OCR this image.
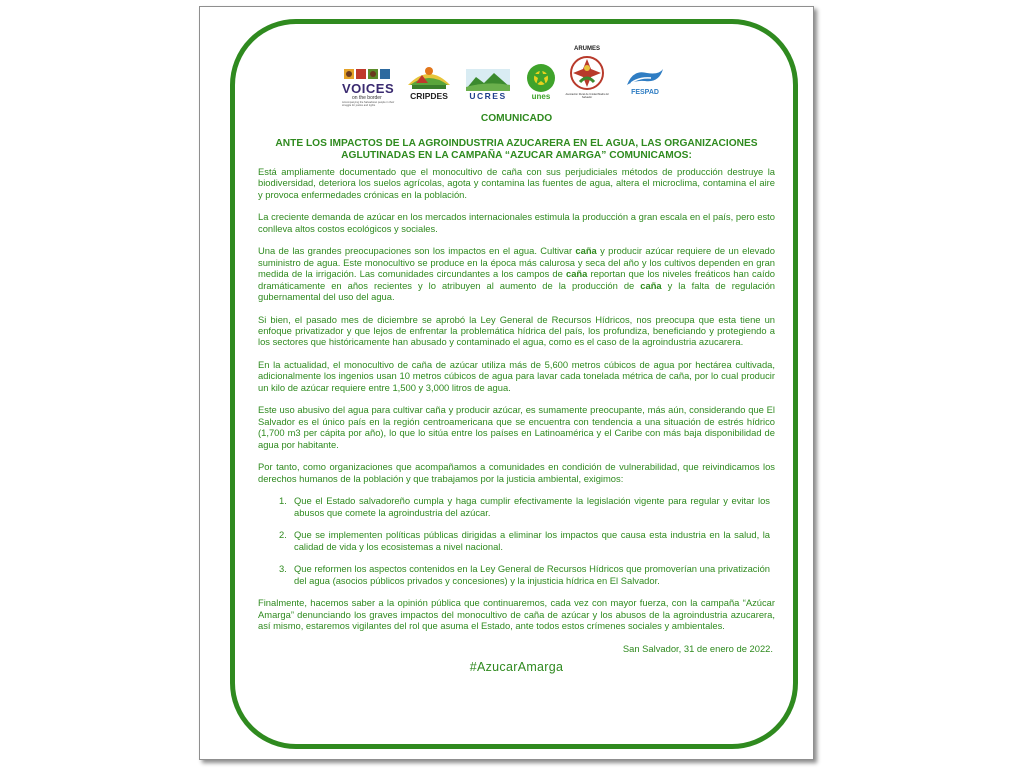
VOICES
on the border
Accompanying the Salvadoran people in their struggle for justice and rights
CRIPDES	UCRES	unes
ARUMES
Asociación Rural de Unidad Madre El Salvador
FESPAD
COMUNICADO
ANTE LOS IMPACTOS DE LA AGROINDUSTRIA AZUCARERA EN EL AGUA, LAS ORGANIZACIONES AGLUTINADAS EN LA CAMPAÑA “AZUCAR AMARGA” COMUNICAMOS:

Está ampliamente documentado que el monocultivo de caña con sus perjudiciales métodos de producción destruye la biodiversidad, deteriora los suelos agrícolas, agota y contamina las fuentes de agua, altera el microclima, contamina el aire y provoca enfermedades crónicas en la población.

La creciente demanda de azúcar en los mercados internacionales estimula la producción a gran escala en el país, pero esto conlleva altos costos ecológicos y sociales.

Una de las grandes preocupaciones son los impactos en el agua. Cultivar caña y producir azúcar requiere de un elevado suministro de agua. Este monocultivo se produce en la época más calurosa y seca del año y los cultivos dependen en gran medida de la irrigación. Las comunidades circundantes a los campos de caña reportan que los niveles freáticos han caído dramáticamente en años recientes y lo atribuyen al aumento de la producción de caña y la falta de regulación gubernamental del uso del agua.

Si bien, el pasado mes de diciembre se aprobó la Ley General de Recursos Hídricos, nos preocupa que esta tiene un enfoque privatizador y que lejos de enfrentar la problemática hídrica del país, los profundiza, beneficiando y protegiendo a los sectores que históricamente han abusado y contaminado el agua, como es el caso de la agroindustria azucarera.

En la actualidad, el monocultivo de caña de azúcar utiliza más de 5,600 metros cúbicos de agua por hectárea cultivada, adicionalmente los ingenios usan 10 metros cúbicos de agua para lavar cada tonelada métrica de caña, por lo cual producir un kilo de azúcar requiere entre 1,500 y 3,000 litros de agua.

Este uso abusivo del agua para cultivar caña y producir azúcar, es sumamente preocupante, más aún, considerando que El Salvador es el único país en la región centroamericana que se encuentra con tendencia a una situación de estrés hídrico (1,700 m3 per cápita por año), lo que lo sitúa entre los países en Latinoamérica y el Caribe con más baja disponibilidad de agua por habitante.

Por tanto, como organizaciones que acompañamos a comunidades en condición de vulnerabilidad, que reivindicamos los derechos humanos de la población y que trabajamos por la justicia ambiental, exigimos:

1. Que el Estado salvadoreño cumpla y haga cumplir efectivamente la legislación vigente para regular y evitar los abusos que comete la agroindustria del azúcar.
2. Que se implementen políticas públicas dirigidas a eliminar los impactos que causa esta industria en la salud, la calidad de vida y los ecosistemas a nivel nacional.
3. Que reformen los aspectos contenidos en la Ley General de Recursos Hídricos que promoverían una privatización del agua (asocios públicos privados y concesiones) y la injusticia hídrica en El Salvador.

Finalmente, hacemos saber a la opinión pública que continuaremos, cada vez con mayor fuerza, con la campaña “Azúcar Amarga” denunciando los graves impactos del monocultivo de caña de azúcar y los abusos de la agroindustria azucarera, así mismo, estaremos vigilantes del rol que asuma el Estado, ante todos estos crímenes sociales y ambientales.

San Salvador, 31 de enero de 2022.
#AzucarAmarga
